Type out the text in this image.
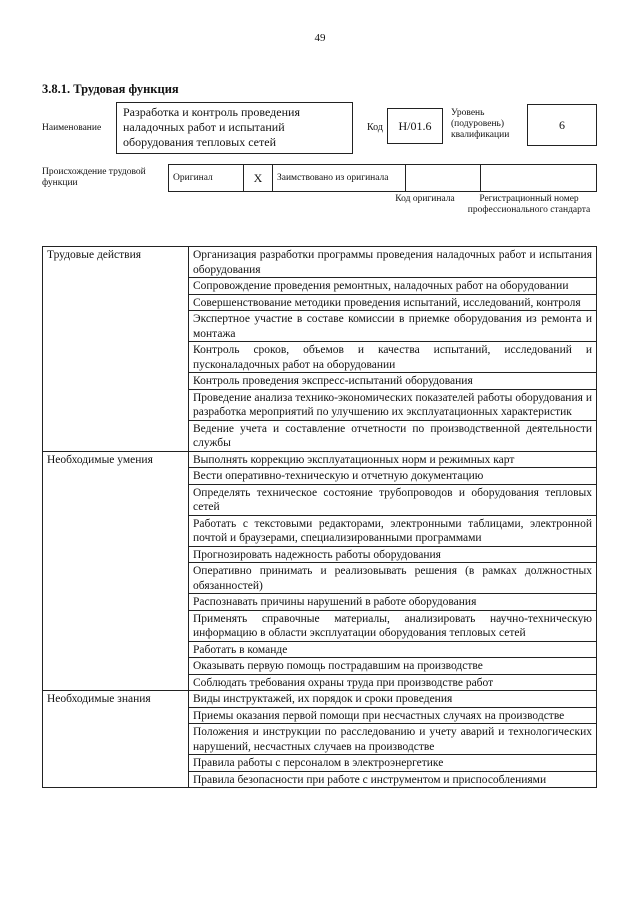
49
3.8.1. Трудовая функция
Наименование
Разработка и контроль проведения наладочных работ и испытаний оборудования тепловых сетей
Код	Н/01.6
Уровень (подуровень) квалификации
6
Происхождение трудовой функции	Оригинал	X	Заимствовано из оригинала		
Код оригинала	Регистрационный номер профессионального стандарта
Трудовые действия	Организация разработки программы проведения наладочных работ и испытания оборудования
	Сопровождение проведения ремонтных, наладочных работ на оборудовании
	Совершенствование методики проведения испытаний, исследований, контроля
	Экспертное участие в составе комиссии в приемке оборудования из ремонта и монтажа
	Контроль сроков, объемов и качества испытаний, исследований и пусконаладочных работ на оборудовании
	Контроль проведения экспресс-испытаний оборудования
	Проведение анализа технико-экономических показателей работы оборудования и разработка мероприятий по улучшению их эксплуатационных характеристик
	Ведение учета и составление отчетности по производственной деятельности службы
Необходимые умения	Выполнять коррекцию эксплуатационных норм и режимных карт
	Вести оперативно-техническую и отчетную документацию
	Определять техническое состояние трубопроводов и оборудования тепловых сетей
	Работать с текстовыми редакторами, электронными таблицами, электронной почтой и браузерами, специализированными программами
	Прогнозировать надежность работы оборудования
	Оперативно принимать и реализовывать решения (в рамках должностных обязанностей)
	Распознавать причины нарушений в работе оборудования
	Применять справочные материалы, анализировать научно-техническую информацию в области эксплуатации оборудования тепловых сетей
	Работать в команде
	Оказывать первую помощь пострадавшим на производстве
	Соблюдать требования охраны труда при производстве работ
Необходимые знания	Виды инструктажей, их порядок и сроки проведения
	Приемы оказания первой помощи при несчастных случаях на производстве
	Положения и инструкции по расследованию и учету аварий и технологических нарушений, несчастных случаев на производстве
	Правила работы с персоналом в электроэнергетике
	Правила безопасности при работе с инструментом и приспособлениями
